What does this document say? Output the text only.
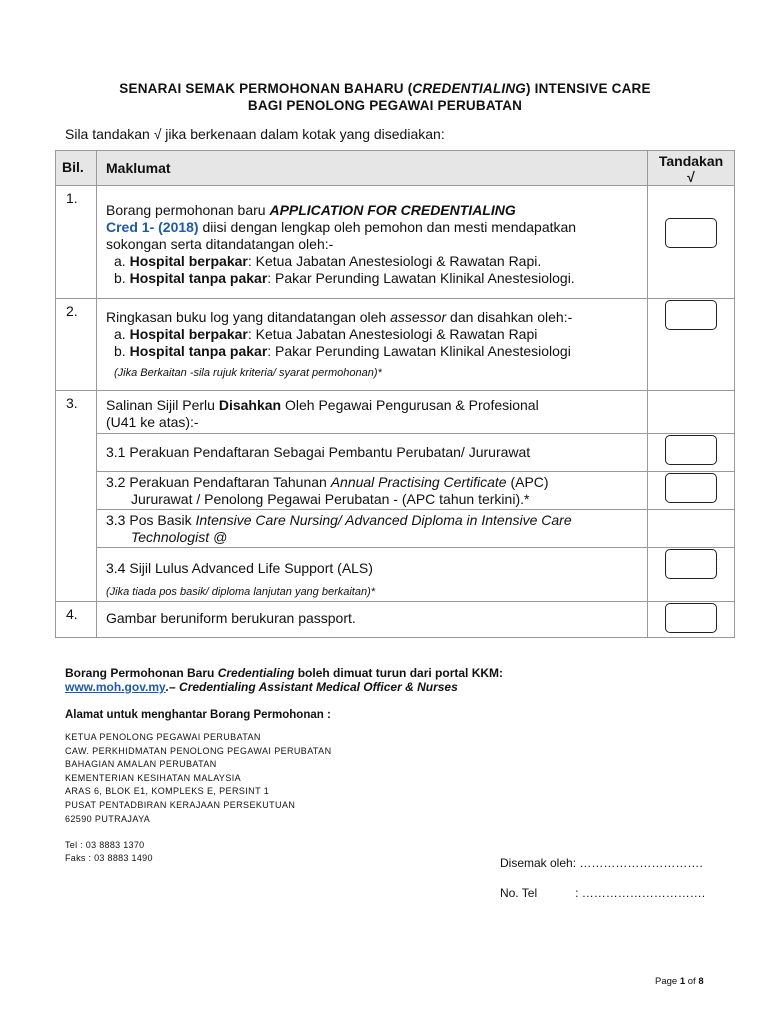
SENARAI SEMAK PERMOHONAN BAHARU (CREDENTIALING) INTENSIVE CARE
BAGI PENOLONG PEGAWAI PERUBATAN
Sila tandakan √ jika berkenaan dalam kotak yang disediakan:
Bil.	Maklumat	Tandakan
√

1.	Borang permohonan baru APPLICATION FOR CREDENTIALING
Cred 1- (2018) diisi dengan lengkap oleh pemohon dan mesti mendapatkan
sokongan serta ditandatangan oleh:-
a. Hospital berpakar: Ketua Jabatan Anestesiologi & Rawatan Rapi.
b. Hospital tanpa pakar: Pakar Perunding Lawatan Klinikal Anestesiologi.	

2.	Ringkasan buku log yang ditandatangan oleh assessor dan disahkan oleh:-
a. Hospital berpakar: Ketua Jabatan Anestesiologi & Rawatan Rapi
b. Hospital tanpa pakar: Pakar Perunding Lawatan Klinikal Anestesiologi
(Jika Berkaitan -sila rujuk kriteria/ syarat permohonan)*	

3.	Salinan Sijil Perlu Disahkan Oleh Pegawai Pengurusan & Profesional
(U41 ke atas):-	

	3.1 Perakuan Pendaftaran Sebagai Pembantu Perubatan/ Jururawat	

	3.2 Perakuan Pendaftaran Tahunan Annual Practising Certificate (APC)
Jururawat / Penolong Pegawai Perubatan - (APC tahun terkini).*	

	3.3 Pos Basik Intensive Care Nursing/ Advanced Diploma in Intensive Care
Technologist @	

	3.4 Sijil Lulus Advanced Life Support (ALS)
(Jika tiada pos basik/ diploma lanjutan yang berkaitan)*	

4.	Gambar beruniform berukuran passport.	

Borang Permohonan Baru Credentialing boleh dimuat turun dari portal KKM:
www.moh.gov.my.– Credentialing Assistant Medical Officer & Nurses
Alamat untuk menghantar Borang Permohonan :
KETUA PENOLONG PEGAWAI PERUBATAN
CAW. PERKHIDMATAN PENOLONG PEGAWAI PERUBATAN
BAHAGIAN AMALAN PERUBATAN
KEMENTERIAN KESIHATAN MALAYSIA
ARAS 6, BLOK E1, KOMPLEKS E, PERSINT 1
PUSAT PENTADBIRAN KERAJAAN PERSEKUTUAN
62590 PUTRAJAYA
Tel : 03 8883 1370
Faks : 03 8883 1490	Disemak oleh: ………………………….
No. Tel	: ………………………….
Page 1 of 8
